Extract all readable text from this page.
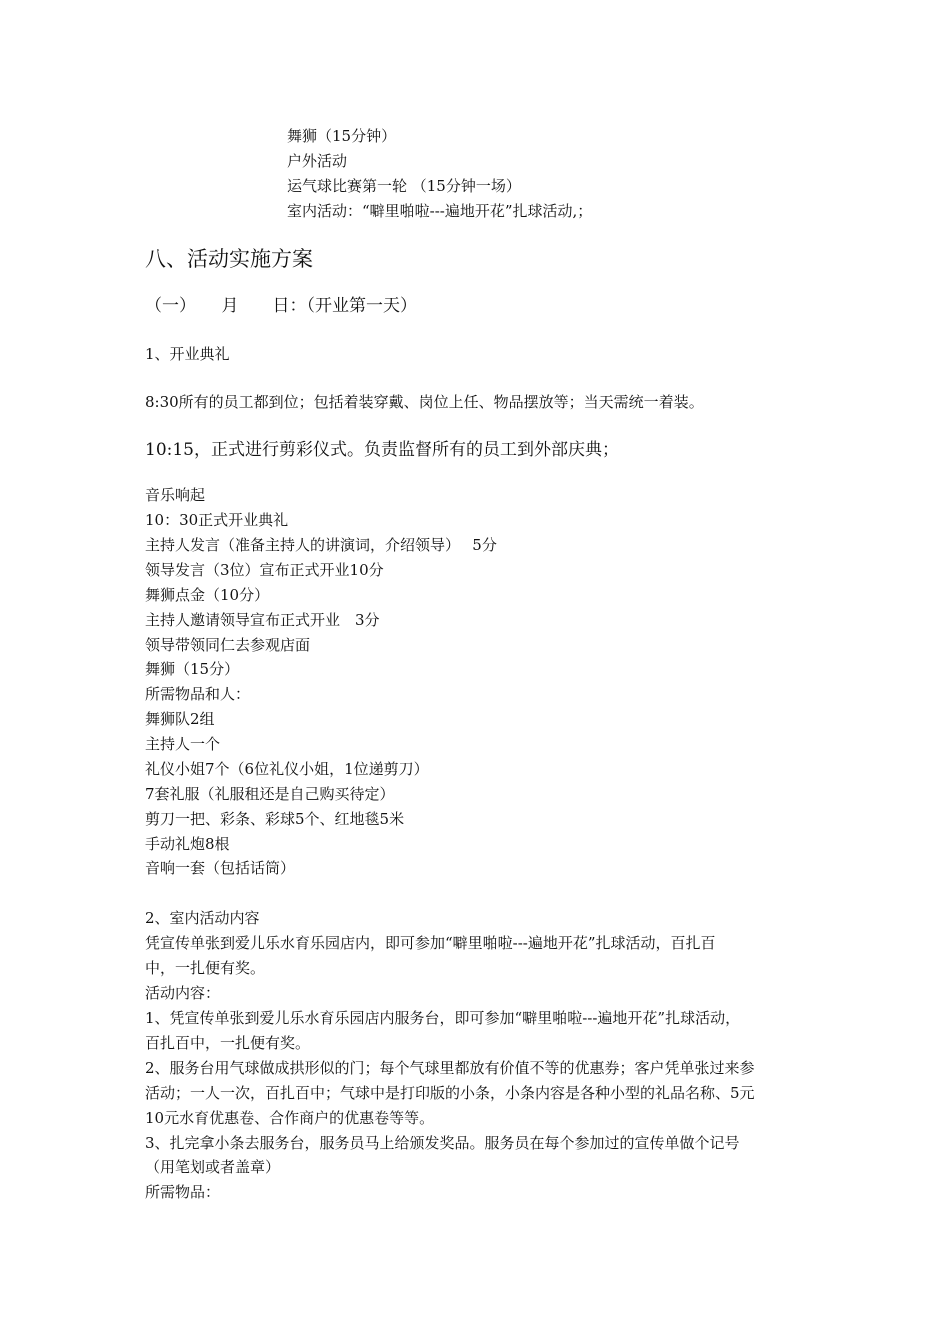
舞狮（15分钟）
户外活动
运气球比赛第一轮 （15分钟一场）
室内活动：“噼里啪啦---遍地开花”扎球活动,；
八、活动实施方案
（一）　　月　　日：（开业第一天）
1、开业典礼
8:30所有的员工都到位；包括着装穿戴、岗位上任、物品摆放等；当天需统一着装。
10:15，正式进行剪彩仪式。负责监督所有的员工到外部庆典；
音乐响起
10：30正式开业典礼
主持人发言（准备主持人的讲演词，介绍领导）　 5分
领导发言（3位）宣布正式开业10分
舞狮点金（10分）
主持人邀请领导宣布正式开业　3分
领导带领同仁去参观店面
舞狮（15分）
所需物品和人：
舞狮队2组
主持人一个
礼仪小姐7个（6位礼仪小姐，1位递剪刀）
7套礼服（礼服租还是自己购买待定）
剪刀一把、彩条、彩球5个、红地毯5米
手动礼炮8根
音响一套（包括话筒）
2、室内活动内容
凭宣传单张到爱儿乐水育乐园店内，即可参加“噼里啪啦---遍地开花”扎球活动，百扎百
中，一扎便有奖。
活动内容：
1、凭宣传单张到爱儿乐水育乐园店内服务台，即可参加“噼里啪啦---遍地开花”扎球活动，
百扎百中，一扎便有奖。
2、服务台用气球做成拱形似的门；每个气球里都放有价值不等的优惠券；客户凭单张过来参
活动；一人一次，百扎百中；气球中是打印版的小条，小条内容是各种小型的礼品名称、5元
10元水育优惠卷、合作商户的优惠卷等等。
3、扎完拿小条去服务台，服务员马上给颁发奖品。服务员在每个参加过的宣传单做个记号
（用笔划或者盖章）
所需物品：
